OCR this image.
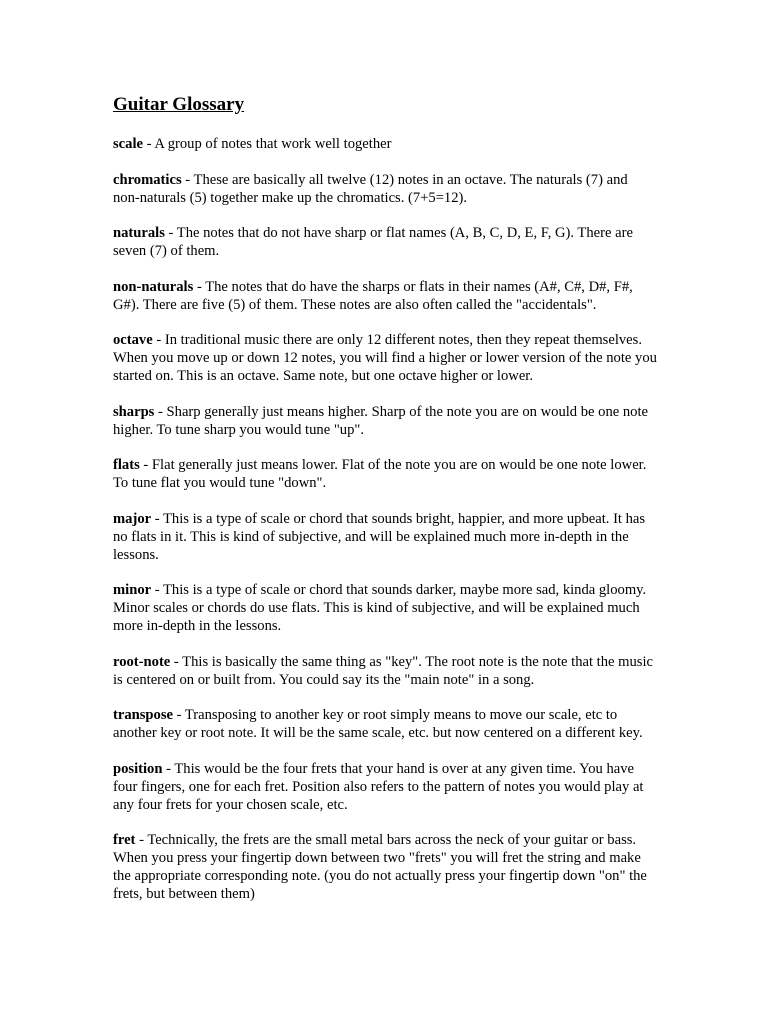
Guitar Glossary

scale - A group of notes that work well together

chromatics - These are basically all twelve (12) notes in an octave. The naturals (7) and non-naturals (5) together make up the chromatics. (7+5=12).

naturals - The notes that do not have sharp or flat names (A, B, C, D, E, F, G). There are seven (7) of them.

non-naturals - The notes that do have the sharps or flats in their names (A#, C#, D#, F#, G#). There are five (5) of them. These notes are also often called the "accidentals".

octave - In traditional music there are only 12 different notes, then they repeat themselves. When you move up or down 12 notes, you will find a higher or lower version of the note you started on. This is an octave. Same note, but one octave higher or lower.

sharps - Sharp generally just means higher. Sharp of the note you are on would be one note higher. To tune sharp you would tune "up".

flats - Flat generally just means lower. Flat of the note you are on would be one note lower. To tune flat you would tune "down".

major - This is a type of scale or chord that sounds bright, happier, and more upbeat. It has no flats in it. This is kind of subjective, and will be explained much more in-depth in the lessons.

minor - This is a type of scale or chord that sounds darker, maybe more sad, kinda gloomy. Minor scales or chords do use flats. This is kind of subjective, and will be explained much more in-depth in the lessons.

root-note - This is basically the same thing as "key". The root note is the note that the music is centered on or built from. You could say its the "main note" in a song.

transpose - Transposing to another key or root simply means to move our scale, etc to another key or root note. It will be the same scale, etc. but now centered on a different key.

position - This would be the four frets that your hand is over at any given time. You have four fingers, one for each fret. Position also refers to the pattern of notes you would play at any four frets for your chosen scale, etc.

fret - Technically, the frets are the small metal bars across the neck of your guitar or bass. When you press your fingertip down between two "frets" you will fret the string and make the appropriate corresponding note. (you do not actually press your fingertip down "on" the frets, but between them)
